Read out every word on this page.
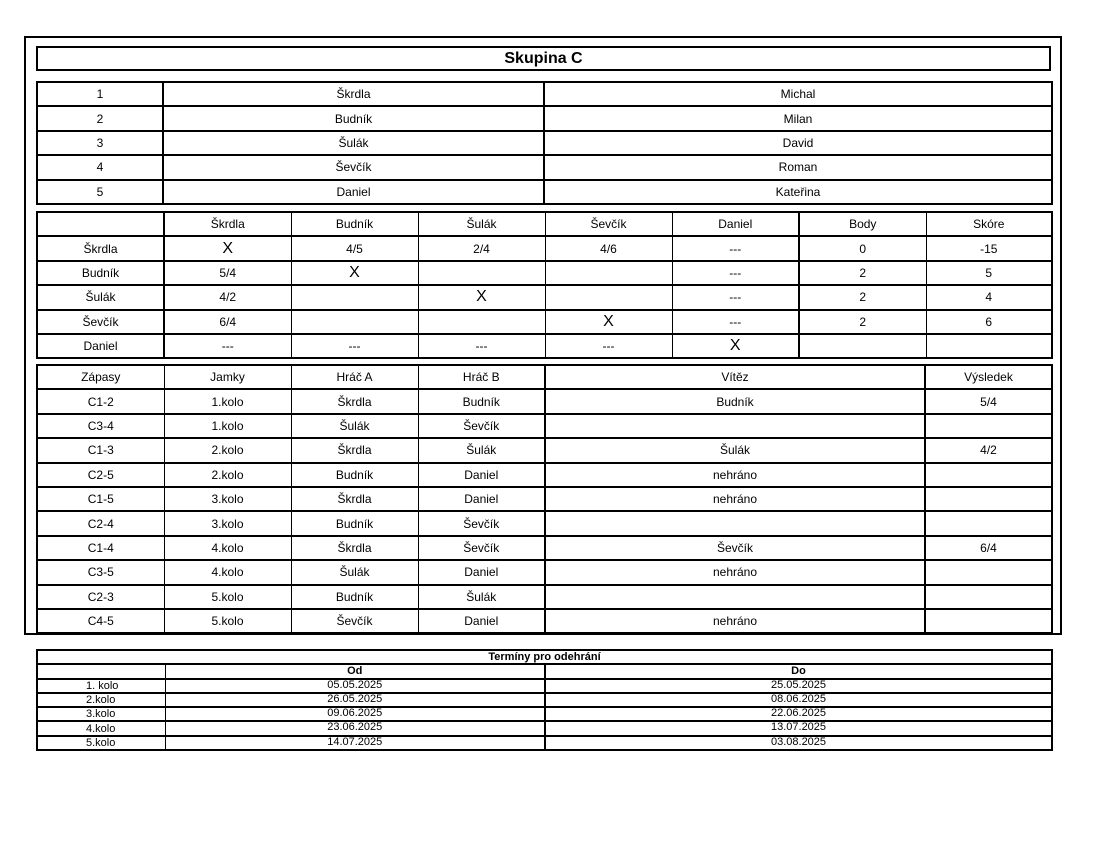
Skupina C
1	Škrdla	Michal
2	Budník	Milan
3	Šulák	David
4	Ševčík	Roman
5	Daniel	Kateřina
	Škrdla	Budník	Šulák	Ševčík	Daniel	Body	Skóre
Škrdla	X	4/5	2/4	4/6	---	0	-15
Budník	5/4	X			---	2	5
Šulák	4/2		X		---	2	4
Ševčík	6/4			X	---	2	6
Daniel	---	---	---	---	X		
Zápasy	Jamky	Hráč A	Hráč B	Vítěz	Výsledek
C1-2	1.kolo	Škrdla	Budník	Budník	5/4
C3-4	1.kolo	Šulák	Ševčík		
C1-3	2.kolo	Škrdla	Šulák	Šulák	4/2
C2-5	2.kolo	Budník	Daniel	nehráno	
C1-5	3.kolo	Škrdla	Daniel	nehráno	
C2-4	3.kolo	Budník	Ševčík		
C1-4	4.kolo	Škrdla	Ševčík	Ševčík	6/4
C3-5	4.kolo	Šulák	Daniel	nehráno	
C2-3	5.kolo	Budník	Šulák		
C4-5	5.kolo	Ševčík	Daniel	nehráno	
Termíny pro odehrání		
	Od	Do
1. kolo	05.05.2025	25.05.2025
2.kolo	26.05.2025	08.06.2025
3.kolo	09.06.2025	22.06.2025
4.kolo	23.06.2025	13.07.2025
5.kolo	14.07.2025	03.08.2025
